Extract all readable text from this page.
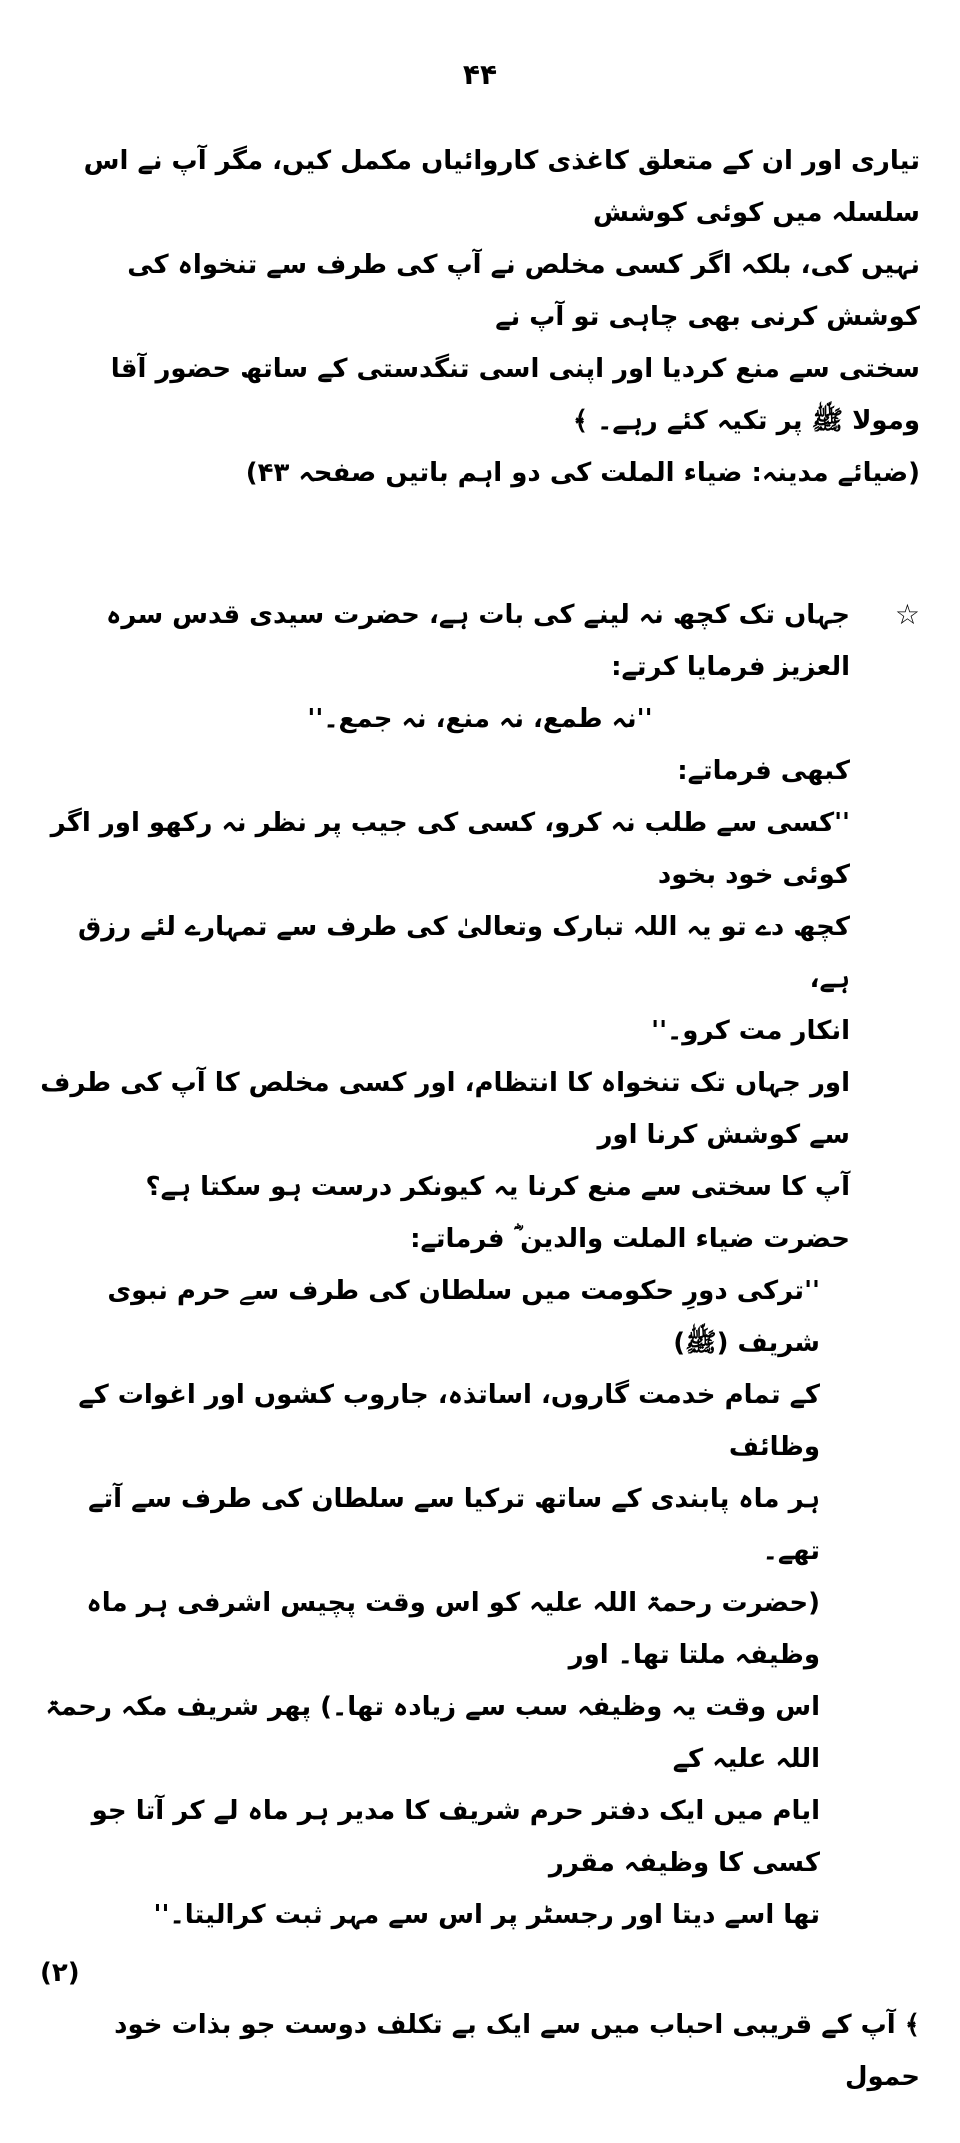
۴۴
تیاری اور ان کے متعلق کاغذی کاروائیاں مکمل کیں، مگر آپ نے اس سلسلہ میں کوئی کوشش
نہیں کی، بلکہ اگر کسی مخلص نے آپ کی طرف سے تنخواہ کی کوشش کرنی بھی چاہی تو آپ نے
سختی سے منع کردیا اور اپنی اسی تنگدستی کے ساتھ حضور آقا ومولا ﷺ پر تکیہ کئے رہے۔ ﴾
(ضیائے مدینہ: ضیاء الملت کی دو اہم باتیں صفحہ ۴۳)
☆
جہاں تک کچھ نہ لینے کی بات ہے، حضرت سیدی قدس سرہ العزیز فرمایا کرتے:
''نہ طمع، نہ منع، نہ جمع۔''
کبھی فرماتے:
''کسی سے طلب نہ کرو، کسی کی جیب پر نظر نہ رکھو اور اگر کوئی خود بخود
کچھ دے تو یہ اللہ تبارک وتعالیٰ کی طرف سے تمہارے لئے رزق ہے،
انکار مت کرو۔''
اور جہاں تک تنخواہ کا انتظام، اور کسی مخلص کا آپ کی طرف سے کوشش کرنا اور
آپ کا سختی سے منع کرنا یہ کیونکر درست ہو سکتا ہے؟
حضرت ضیاء الملت والدین ؓ فرماتے:
''ترکی دورِ حکومت میں سلطان کی طرف سے حرم نبوی شریف (ﷺ)
کے تمام خدمت گاروں، اساتذہ، جاروب کشوں اور اغوات کے وظائف
ہر ماہ پابندی کے ساتھ ترکیا سے سلطان کی طرف سے آتے تھے۔
(حضرت رحمۃ اللہ علیہ کو اس وقت پچیس اشرفی ہر ماہ وظیفہ ملتا تھا۔ اور
اس وقت یہ وظیفہ سب سے زیادہ تھا۔) پھر شریف مکہ رحمۃ اللہ علیہ کے
ایام میں ایک دفتر حرم شریف کا مدیر ہر ماہ لے کر آتا جو کسی کا وظیفہ مقرر
تھا اسے دیتا اور رجسٹر پر اس سے مہر ثبت کرالیتا۔''
(۲)
﴾ آپ کے قریبی احباب میں سے ایک بے تکلف دوست جو بذات خود حمول
